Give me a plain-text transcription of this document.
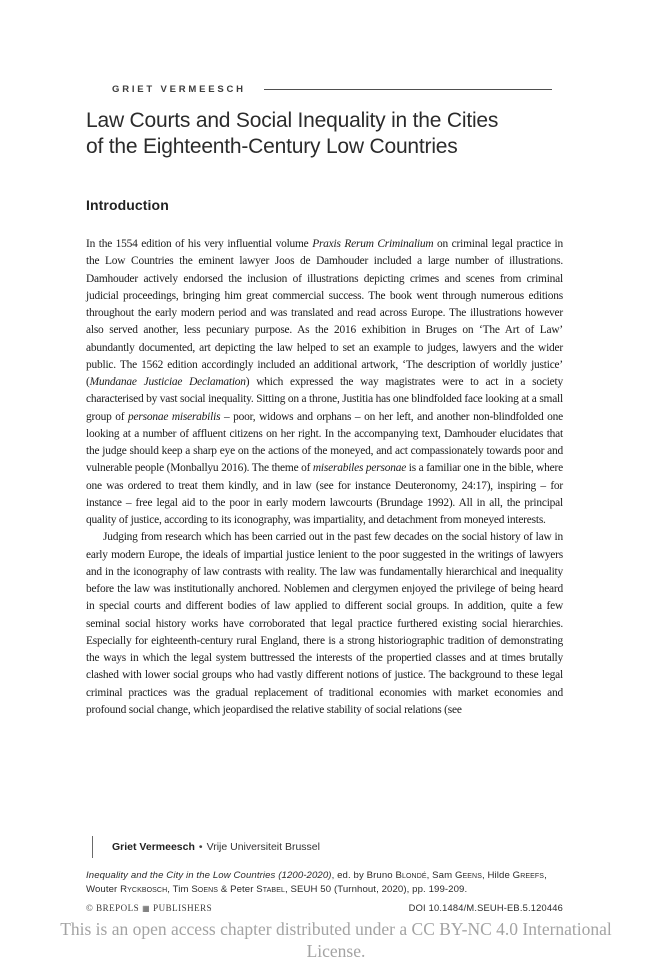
GRIET VERMEESCH
Law Courts and Social Inequality in the Cities
of the Eighteenth-Century Low Countries
Introduction

In the 1554 edition of his very influential volume Praxis Rerum Criminalium on criminal legal practice in the Low Countries the eminent lawyer Joos de Damhouder included a large number of illustrations. Damhouder actively endorsed the inclusion of illustrations depicting crimes and scenes from criminal judicial proceedings, bringing him great commercial success. The book went through numerous editions throughout the early modern period and was translated and read across Europe. The illustrations however also served another, less pecuniary purpose. As the 2016 exhibition in Bruges on ‘The Art of Law’ abundantly documented, art depicting the law helped to set an example to judges, lawyers and the wider public. The 1562 edition accordingly included an additional artwork, ‘The description of worldly justice’ (Mundanae Justiciae Declamation) which expressed the way magistrates were to act in a society characterised by vast social inequality. Sitting on a throne, Justitia has one blindfolded face looking at a small group of personae miserabilis – poor, widows and orphans – on her left, and another non-blindfolded one looking at a number of affluent citizens on her right. In the accompanying text, Damhouder elucidates that the judge should keep a sharp eye on the actions of the moneyed, and act compassionately towards poor and vulnerable people (Monballyu 2016). The theme of miserabiles personae is a familiar one in the bible, where one was ordered to treat them kindly, and in law (see for instance Deuteronomy, 24:17), inspiring – for instance – free legal aid to the poor in early modern lawcourts (Brundage 1992). All in all, the principal quality of justice, according to its iconography, was impartiality, and detachment from moneyed interests.

Judging from research which has been carried out in the past few decades on the social history of law in early modern Europe, the ideals of impartial justice lenient to the poor suggested in the writings of lawyers and in the iconography of law contrasts with reality. The law was fundamentally hierarchical and inequality before the law was institutionally anchored. Noblemen and clergymen enjoyed the privilege of being heard in special courts and different bodies of law applied to different social groups. In addition, quite a few seminal social history works have corroborated that legal practice furthered existing social hierarchies. Especially for eighteenth-century rural England, there is a strong historiographic tradition of demonstrating the ways in which the legal system buttressed the interests of the propertied classes and at times brutally clashed with lower social groups who had vastly different notions of justice. The background to these legal criminal practices was the gradual replacement of traditional economies with market economies and profound social change, which jeopardised the relative stability of social relations (see

Griet Vermeesch • Vrije Universiteit Brussel
Inequality and the City in the Low Countries (1200-2020), ed. by Bruno Blondé, Sam Geens, Hilde Greefs,
Wouter Ryckbosch, Tim Soens & Peter Stabel, SEUH 50 (Turnhout, 2020), pp. 199-209.
© BREPOLS ▦ PUBLISHERS	DOI 10.1484/M.SEUH-EB.5.120446
This is an open access chapter distributed under a CC BY-NC 4.0 International
License.
